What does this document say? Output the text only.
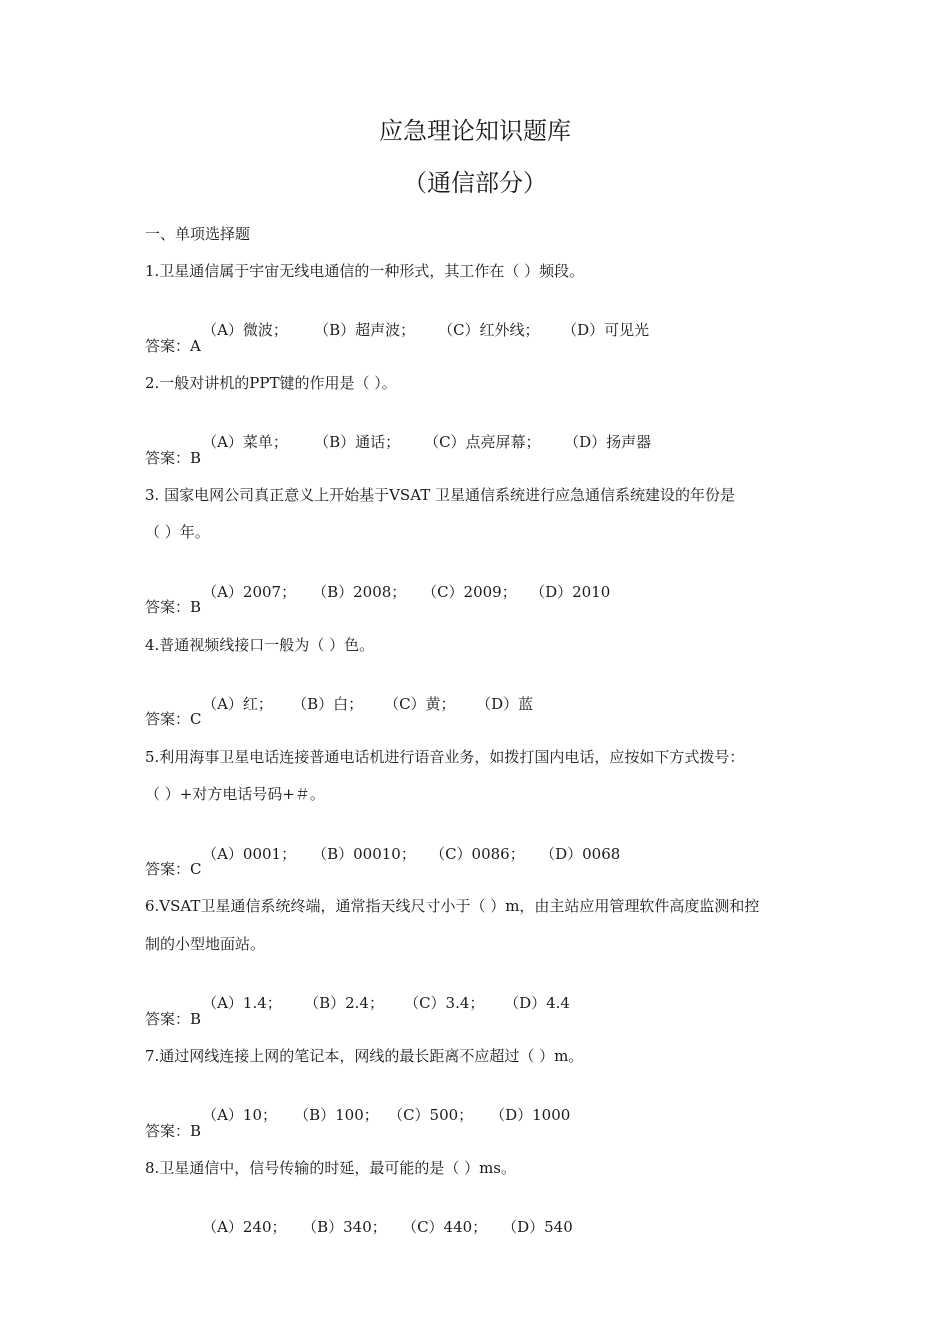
应急理论知识题库
（通信部分）
一、单项选择题
1.卫星通信属于宇宙无线电通信的一种形式，其工作在（ ）频段。

（A）微波； （B）超声波； （C）红外线； （D）可见光

答案：A
2.一般对讲机的PPT键的作用是（ ）。

（A）菜单； （B）通话； （C）点亮屏幕； （D）扬声器

答案：B
3. 国家电网公司真正意义上开始基于VSAT 卫星通信系统进行应急通信系统建设的年份是
（ ）年。

（A）2007； （B）2008； （C）2009； （D）2010

答案：B
4.普通视频线接口一般为（ ）色。

（A）红； （B）白； （C）黄； （D）蓝

答案：C
5.利用海事卫星电话连接普通电话机进行语音业务，如拨打国内电话，应按如下方式拨号：
（ ）+对方电话号码+＃。

（A）0001； （B）00010； （C）0086； （D）0068

答案：C
6.VSAT卫星通信系统终端，通常指天线尺寸小于（ ）m，由主站应用管理软件高度监测和控
制的小型地面站。

（A）1.4； （B）2.4； （C）3.4； （D）4.4

答案：B
7.通过网线连接上网的笔记本，网线的最长距离不应超过（ ）m。

（A）10； （B）100； （C）500； （D）1000

答案：B
8.卫星通信中，信号传输的时延，最可能的是（ ）ms。

（A）240； （B）340； （C）440； （D）540
